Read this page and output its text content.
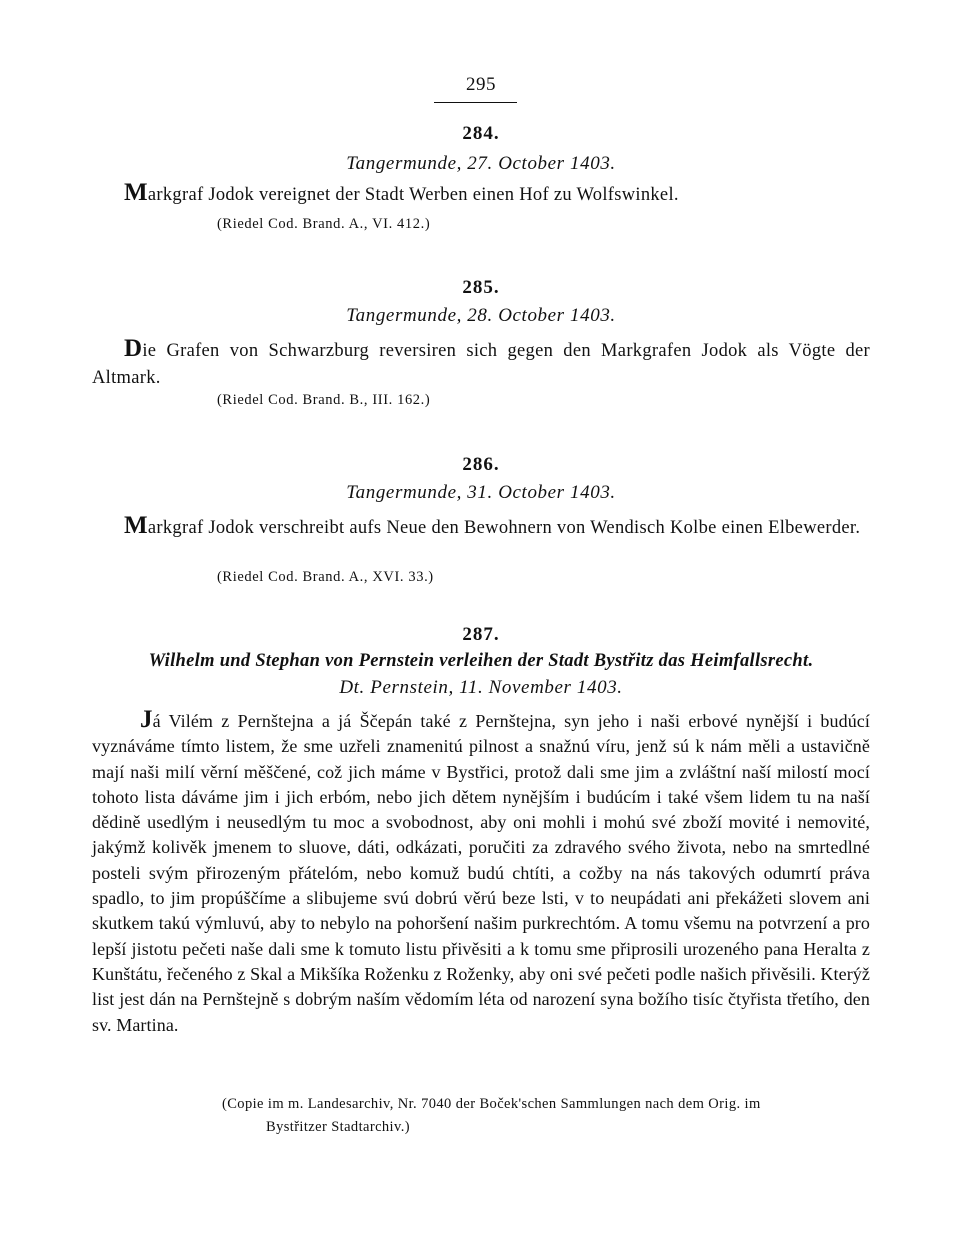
295
284.
Tangermunde, 27. October 1403.
Markgraf Jodok vereignet der Stadt Werben einen Hof zu Wolfswinkel.
(Riedel Cod. Brand. A., VI. 412.)
285.
Tangermunde, 28. October 1403.
Die Grafen von Schwarzburg reversiren sich gegen den Markgrafen Jodok als Vögte der Altmark.
(Riedel Cod. Brand. B., III. 162.)
286.
Tangermunde, 31. October 1403.
Markgraf Jodok verschreibt aufs Neue den Bewohnern von Wendisch Kolbe einen Elbewerder.
(Riedel Cod. Brand. A., XVI. 33.)
287.
Wilhelm und Stephan von Pernstein verleihen der Stadt Bystřitz das Heimfallsrecht.
Dt. Pernstein, 11. November 1403.
Já Vilém z Pernštejna a já Ščepán také z Pernštejna, syn jeho i naši erbové nynější i budúcí vyznáváme tímto listem, že sme uzřeli znamenitú pilnost a snažnú víru, jenž sú k nám měli a ustavičně mají naši milí věrní měščené, což jich máme v Bystřici, protož dali sme jim a zvláštní naší milostí mocí tohoto lista dáváme jim i jich erbóm, nebo jich dětem nynějším i budúcím i také všem lidem tu na naší dědině usedlým i neusedlým tu moc a svobodnost, aby oni mohli i mohú své zboží movité i nemovité, jakýmž kolivěk jmenem to sluove, dáti, odkázati, poručiti za zdravého svého života, nebo na smrtedlné posteli svým přirozeným přátelóm, nebo komuž budú chtíti, a cožby na nás takových odumrtí práva spadlo, to jim propúščíme a slibujeme svú dobrú věrú beze lsti, v to neupádati ani překážeti slovem ani skutkem takú výmluvú, aby to nebylo na pohoršení našim purkrechtóm. A tomu všemu na potvrzení a pro lepší jistotu pečeti naše dali sme k tomuto listu přivěsiti a k tomu sme připrosili urozeného pana Heralta z Kunštátu, řečeného z Skal a Mikšíka Roženku z Roženky, aby oni své pečeti podle našich přivěsili. Kterýž list jest dán na Pernštejně s dobrým naším vědomím léta od narození syna božího tisíc čtyřista třetího, den sv. Martina.
(Copie im m. Landesarchiv, Nr. 7040 der Boček'schen Sammlungen nach dem Orig. im
Bystřitzer Stadtarchiv.)
